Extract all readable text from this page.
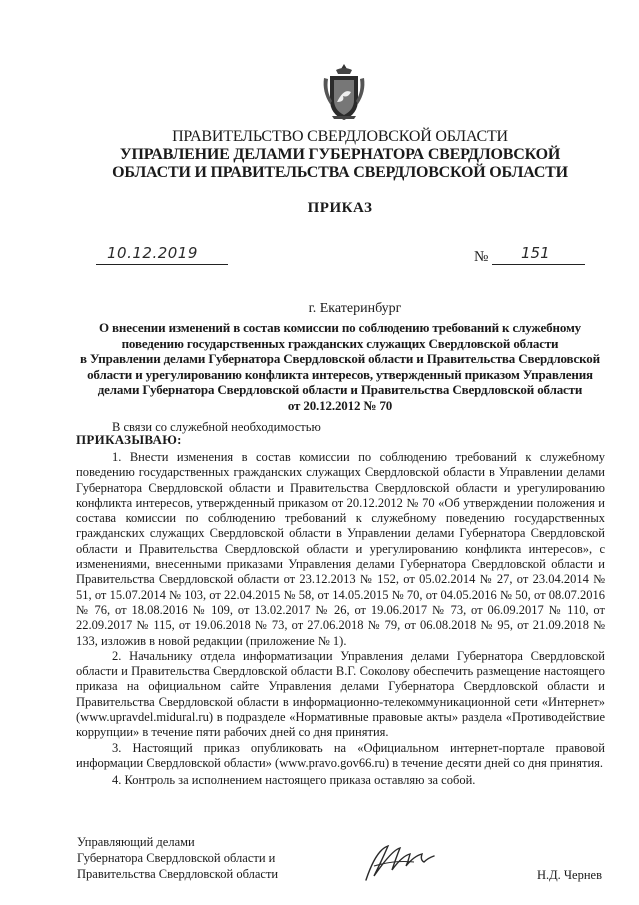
ПРАВИТЕЛЬСТВО СВЕРДЛОВСКОЙ ОБЛАСТИ
УПРАВЛЕНИЕ ДЕЛАМИ ГУБЕРНАТОРА СВЕРДЛОВСКОЙ
ОБЛАСТИ И ПРАВИТЕЛЬСТВА СВЕРДЛОВСКОЙ ОБЛАСТИ
ПРИКАЗ
10.12.2019	№ 151
г. Екатеринбург
О внесении изменений в состав комиссии по соблюдению требований к служебному
поведению государственных гражданских служащих Свердловской области
в Управлении делами Губернатора Свердловской области и Правительства Свердловской
области и урегулированию конфликта интересов, утвержденный приказом Управления
делами Губернатора Свердловской области и Правительства Свердловской области
от 20.12.2012 № 70
В связи со служебной необходимостью
ПРИКАЗЫВАЮ:

1. Внести изменения в состав комиссии по соблюдению требований к служебному поведению государственных гражданских служащих Свердловской области в Управлении делами Губернатора Свердловской области и Правительства Свердловской области и урегулированию конфликта интересов, утвержденный приказом от 20.12.2012 № 70 «Об утверждении положения и состава комиссии по соблюдению требований к служебному поведению государственных гражданских служащих Свердловской области в Управлении делами Губернатора Свердловской области и Правительства Свердловской области и урегулированию конфликта интересов», с изменениями, внесенными приказами Управления делами Губернатора Свердловской области и Правительства Свердловской области от 23.12.2013 № 152, от 05.02.2014 № 27, от 23.04.2014 № 51, от 15.07.2014 № 103, от 22.04.2015 № 58, от 14.05.2015 № 70, от 04.05.2016 № 50, от 08.07.2016 № 76, от 18.08.2016 № 109, от 13.02.2017 № 26, от 19.06.2017 № 73, от 06.09.2017 № 110, от 22.09.2017 № 115, от 19.06.2018 № 73, от 27.06.2018 № 79, от 06.08.2018 № 95, от 21.09.2018 № 133, изложив в новой редакции (приложение № 1).

2. Начальнику отдела информатизации Управления делами Губернатора Свердловской области и Правительства Свердловской области В.Г. Соколову обеспечить размещение настоящего приказа на официальном сайте Управления делами Губернатора Свердловской области и Правительства Свердловской области в информационно-телекоммуникационной сети «Интернет» (www.upravdel.midural.ru) в подразделе «Нормативные правовые акты» раздела «Противодействие коррупции» в течение пяти рабочих дней со дня принятия.

3. Настоящий приказ опубликовать на «Официальном интернет-портале правовой информации Свердловской области» (www.pravo.gov66.ru) в течение десяти дней со дня принятия.

4. Контроль за исполнением настоящего приказа оставляю за собой.

Управляющий делами
Губернатора Свердловской области и
Правительства Свердловской области	Н.Д. Чернев
